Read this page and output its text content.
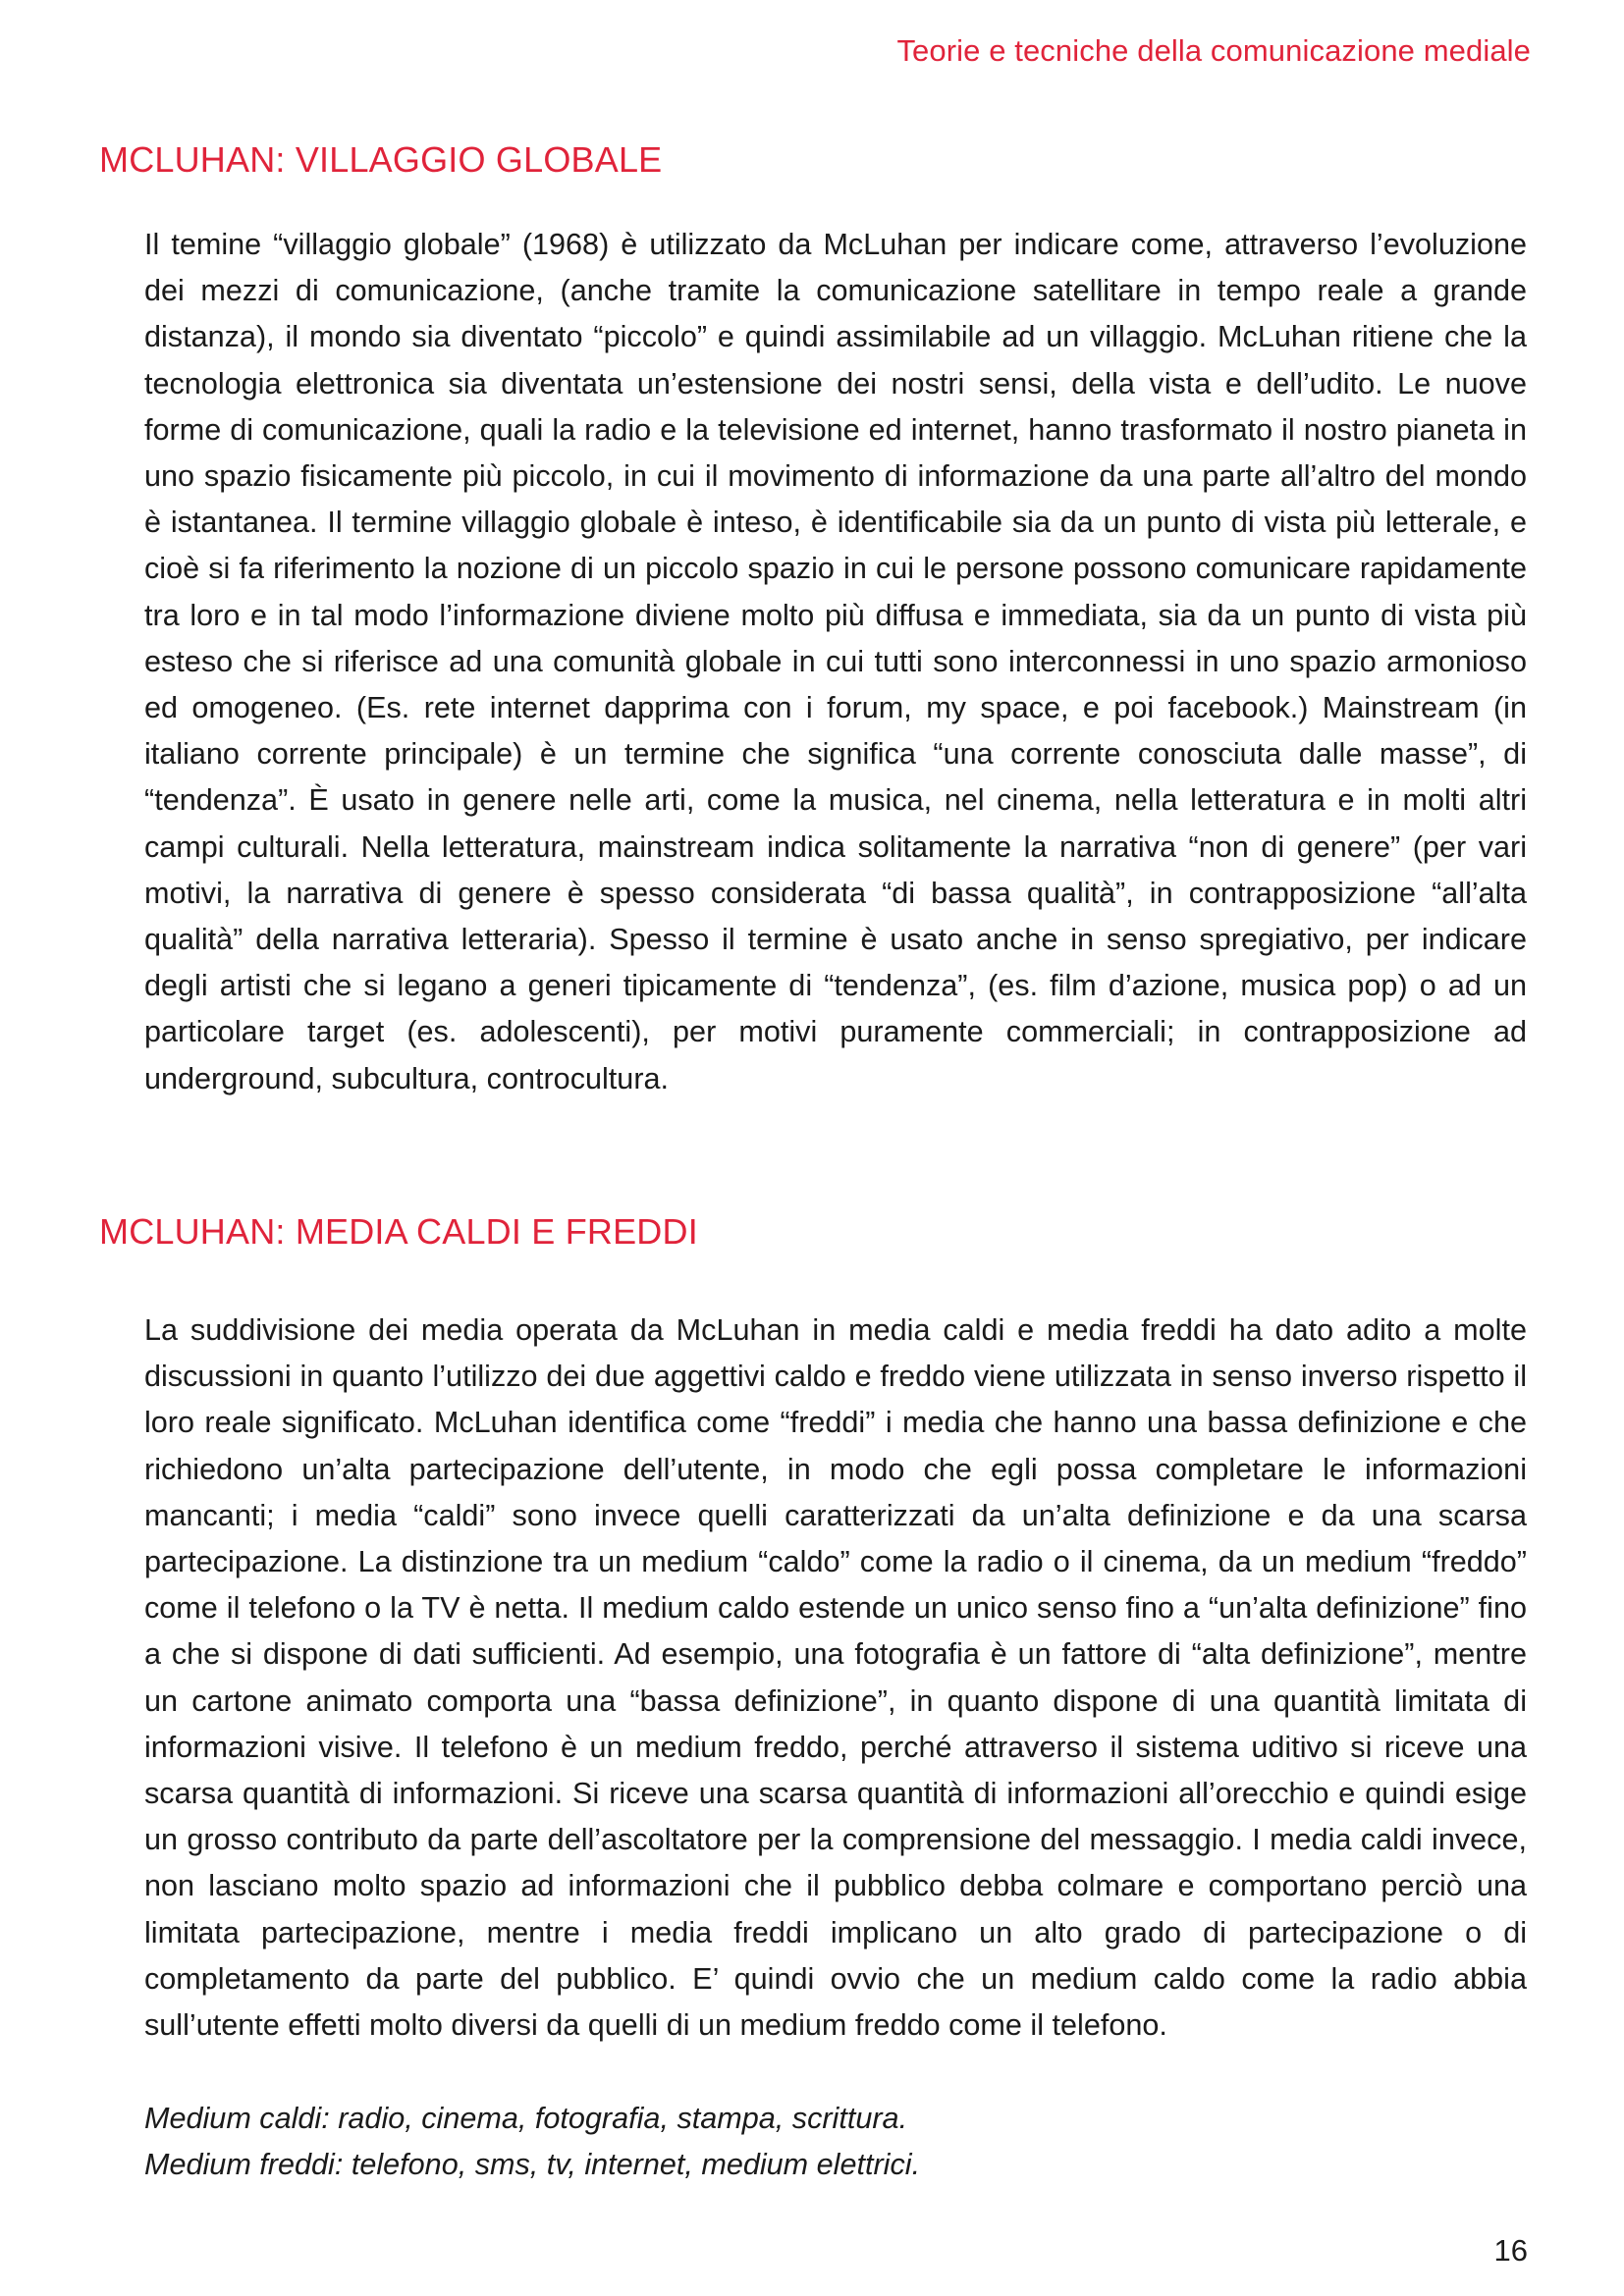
Teorie e tecniche della comunicazione mediale
MCLUHAN: VILLAGGIO GLOBALE

Il temine “villaggio globale” (1968) è utilizzato da McLuhan per indicare come, attraverso l’evoluzione dei mezzi di comunicazione, (anche tramite la comunicazione satellitare in tempo reale a grande distanza), il mondo sia diventato “piccolo” e quindi assimilabile ad un villaggio. McLuhan ritiene che la tecnologia elettronica sia diventata un’estensione dei nostri sensi, della vista e dell’udito. Le nuove forme di comunicazione, quali la radio e la televisione ed internet, hanno trasformato il nostro pianeta in uno spazio fisicamente più piccolo, in cui il movimento di informazione da una parte all’altro del mondo è istantanea. Il termine villaggio globale è inteso, è identificabile sia da un punto di vista più letterale, e cioè si fa riferimento la nozione di un piccolo spazio in cui le persone possono comunicare rapidamente tra loro e in tal modo l’informazione diviene molto più diffusa e immediata, sia da un punto di vista più esteso che si riferisce ad una comunità globale in cui tutti sono interconnessi in uno spazio armonioso ed omogeneo. (Es. rete internet dapprima con i forum, my space, e poi facebook.) Mainstream (in italiano corrente principale) è un termine che significa “una corrente conosciuta dalle masse”, di “tendenza”. È usato in genere nelle arti, come la musica, nel cinema, nella letteratura e in molti altri campi culturali. Nella letteratura, mainstream indica solitamente la narrativa “non di genere” (per vari motivi, la narrativa di genere è spesso considerata “di bassa qualità”, in contrapposizione “all’alta qualità” della narrativa letteraria). Spesso il termine è usato anche in senso spregiativo, per indicare degli artisti che si legano a generi tipicamente di “tendenza”, (es. film d’azione, musica pop) o ad un particolare target (es. adolescenti), per motivi puramente commerciali; in contrapposizione ad underground, subcultura, controcultura.

MCLUHAN: MEDIA CALDI E FREDDI

La suddivisione dei media operata da McLuhan in media caldi e media freddi ha dato adito a molte discussioni in quanto l’utilizzo dei due aggettivi caldo e freddo viene utilizzata in senso inverso rispetto il loro reale significato. McLuhan identifica come “freddi” i media che hanno una bassa definizione e che richiedono un’alta partecipazione dell’utente, in modo che egli possa completare le informazioni mancanti; i media “caldi” sono invece quelli caratterizzati da un’alta definizione e da una scarsa partecipazione. La distinzione tra un medium “caldo” come la radio o il cinema, da un medium “freddo” come il telefono o la TV è netta. Il medium caldo estende un unico senso fino a “un’alta definizione” fino a che si dispone di dati sufficienti. Ad esempio, una fotografia è un fattore di “alta definizione”, mentre un cartone animato comporta una “bassa definizione”, in quanto dispone di una quantità limitata di informazioni visive. Il telefono è un medium freddo, perché attraverso il sistema uditivo si riceve una scarsa quantità di informazioni. Si riceve una scarsa quantità di informazioni all’orecchio e quindi esige un grosso contributo da parte dell’ascoltatore per la comprensione del messaggio. I media caldi invece, non lasciano molto spazio ad informazioni che il pubblico debba colmare e comportano perciò una limitata partecipazione, mentre i media freddi implicano un alto grado di partecipazione o di completamento da parte del pubblico. E’ quindi ovvio che un medium caldo come la radio abbia sull’utente effetti molto diversi da quelli di un medium freddo come il telefono.

Medium caldi: radio, cinema, fotografia, stampa, scrittura.

Medium freddi: telefono, sms, tv, internet, medium elettrici.

16
